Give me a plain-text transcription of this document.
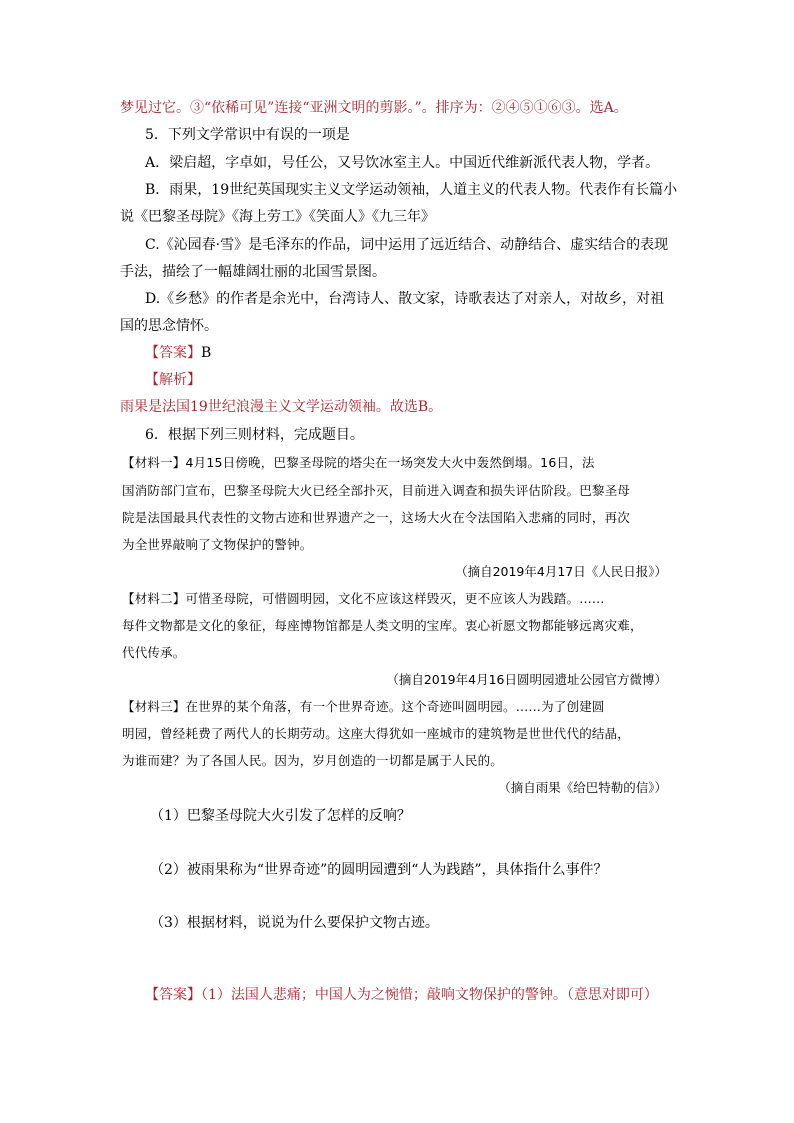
梦见过它。③“依稀可见”连接“亚洲文明的剪影。”。排序为：②④⑤①⑥③。选A。
5．下列文学常识中有误的一项是
A．梁启超，字卓如，号任公，又号饮冰室主人。中国近代维新派代表人物，学者。
B．雨果，19世纪英国现实主义文学运动领袖，人道主义的代表人物。代表作有长篇小
说《巴黎圣母院》《海上劳工》《笑面人》《九三年》
C.《沁园春·雪》是毛泽东的作品，词中运用了远近结合、动静结合、虚实结合的表现
手法，描绘了一幅雄阔壮丽的北国雪景图。
D.《乡愁》的作者是余光中，台湾诗人、散文家，诗歌表达了对亲人，对故乡，对祖
国的思念情怀。
【答案】B
【解析】
雨果是法国19世纪浪漫主义文学运动领袖。故选B。
6．根据下列三则材料，完成题目。
【材料一】4月15日傍晚，巴黎圣母院的塔尖在一场突发大火中轰然倒塌。16日，法
国消防部门宣布，巴黎圣母院大火已经全部扑灭，目前进入调查和损失评估阶段。巴黎圣母
院是法国最具代表性的文物古迹和世界遗产之一，这场大火在令法国陷入悲痛的同时，再次
为全世界敲响了文物保护的警钟。
（摘自2019年4月17日《人民日报》）
【材料二】可惜圣母院，可惜圆明园，文化不应该这样毁灭，更不应该人为践踏。……
每件文物都是文化的象征，每座博物馆都是人类文明的宝库。衷心祈愿文物都能够远离灾难，
代代传承。
（摘自2019年4月16日圆明园遗址公园官方微博）
【材料三】在世界的某个角落，有一个世界奇迹。这个奇迹叫圆明园。……为了创建圆
明园，曾经耗费了两代人的长期劳动。这座大得犹如一座城市的建筑物是世世代代的结晶，
为谁而建？为了各国人民。因为，岁月创造的一切都是属于人民的。
（摘自雨果《给巴特勒的信》）
（1）巴黎圣母院大火引发了怎样的反响？
（2）被雨果称为“世界奇迹”的圆明园遭到“人为践踏”，具体指什么事件？
（3）根据材料，说说为什么要保护文物古迹。
【答案】（1）法国人悲痛；中国人为之惋惜；敲响文物保护的警钟。（意思对即可）
